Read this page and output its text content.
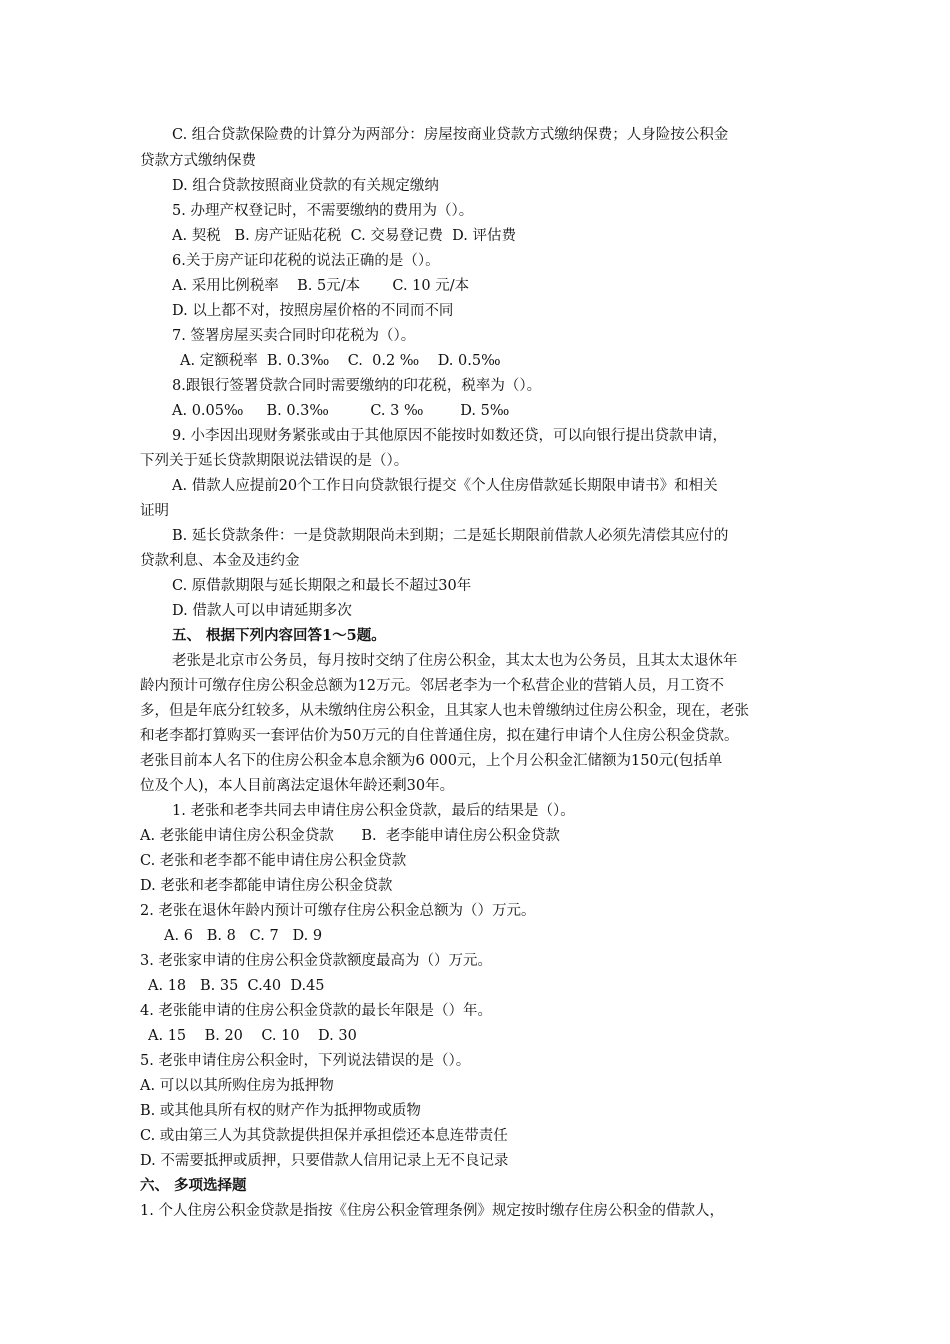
C. 组合贷款保险费的计算分为两部分：房屋按商业贷款方式缴纳保费；人身险按公积金
贷款方式缴纳保费
D. 组合贷款按照商业贷款的有关规定缴纳
5. 办理产权登记时，不需要缴纳的费用为（）。
A. 契税   B. 房产证贴花税  C. 交易登记费  D. 评估费
6.关于房产证印花税的说法正确的是（）。
A. 采用比例税率    B. 5元/本       C. 10 元/本
D. 以上都不对，按照房屋价格的不同而不同
7. 签署房屋买卖合同时印花税为（）。
A. 定额税率  B. 0.3‰    C.  0.2 ‰    D. 0.5‰
8.跟银行签署贷款合同时需要缴纳的印花税，税率为（）。
A. 0.05‰     B. 0.3‰         C. 3 ‰        D. 5‰
9. 小李因出现财务紧张或由于其他原因不能按时如数还贷，可以向银行提出贷款申请，
下列关于延长贷款期限说法错误的是（）。
A. 借款人应提前20个工作日向贷款银行提交《个人住房借款延长期限申请书》和相关
证明
B. 延长贷款条件：一是贷款期限尚未到期；二是延长期限前借款人必须先清偿其应付的
贷款利息、本金及违约金
C. 原借款期限与延长期限之和最长不超过30年
D. 借款人可以申请延期多次
五、 根据下列内容回答1～5题。
老张是北京市公务员，每月按时交纳了住房公积金，其太太也为公务员，且其太太退休年
龄内预计可缴存住房公积金总额为12万元。邻居老李为一个私营企业的营销人员，月工资不
多，但是年底分红较多，从未缴纳住房公积金，且其家人也未曾缴纳过住房公积金，现在，老张
和老李都打算购买一套评估价为50万元的自住普通住房，拟在建行申请个人住房公积金贷款。
老张目前本人名下的住房公积金本息余额为6 000元，上个月公积金汇储额为150元(包括单
位及个人)，本人目前离法定退休年龄还剩30年。
1. 老张和老李共同去申请住房公积金贷款，最后的结果是（）。
A. 老张能申请住房公积金贷款      B.  老李能申请住房公积金贷款
C. 老张和老李都不能申请住房公积金贷款
D. 老张和老李都能申请住房公积金贷款
2. 老张在退休年龄内预计可缴存住房公积金总额为（）万元。
A. 6   B. 8   C. 7   D. 9
3. 老张家申请的住房公积金贷款额度最高为（）万元。
A. 18   B. 35  C.40  D.45
4. 老张能申请的住房公积金贷款的最长年限是（）年。
A. 15    B. 20    C. 10    D. 30
5. 老张申请住房公积金时，下列说法错误的是（）。
A. 可以以其所购住房为抵押物
B. 或其他具所有权的财产作为抵押物或质物
C. 或由第三人为其贷款提供担保并承担偿还本息连带责任
D. 不需要抵押或质押，只要借款人信用记录上无不良记录
六、 多项选择题
1. 个人住房公积金贷款是指按《住房公积金管理条例》规定按时缴存住房公积金的借款人，
